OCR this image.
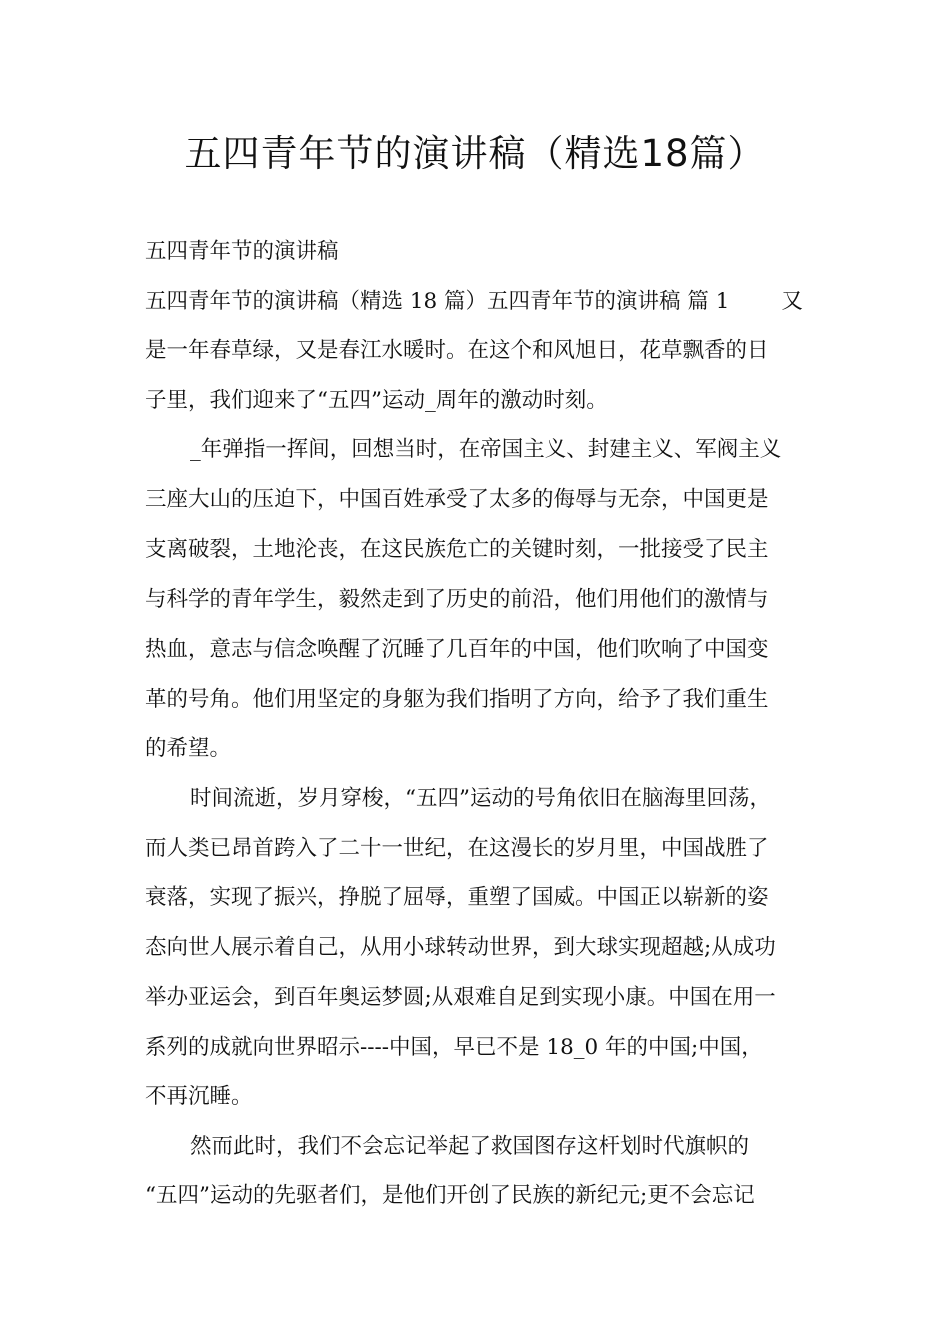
五四青年节的演讲稿（精选18篇）

五四青年节的演讲稿

五四青年节的演讲稿（精选 18 篇）五四青年节的演讲稿 篇 1 又

是一年春草绿，又是春江水暖时。在这个和风旭日，花草飘香的日

子里，我们迎来了“五四”运动_周年的激动时刻。

_年弹指一挥间，回想当时，在帝国主义、封建主义、军阀主义

三座大山的压迫下，中国百姓承受了太多的侮辱与无奈，中国更是

支离破裂，土地沦丧，在这民族危亡的关键时刻，一批接受了民主

与科学的青年学生，毅然走到了历史的前沿，他们用他们的激情与

热血，意志与信念唤醒了沉睡了几百年的中国，他们吹响了中国变

革的号角。他们用坚定的身躯为我们指明了方向，给予了我们重生

的希望。

时间流逝，岁月穿梭，“五四”运动的号角依旧在脑海里回荡，

而人类已昂首跨入了二十一世纪，在这漫长的岁月里，中国战胜了

衰落，实现了振兴，挣脱了屈辱，重塑了国威。中国正以崭新的姿

态向世人展示着自己，从用小球转动世界，到大球实现超越;从成功

举办亚运会，到百年奥运梦圆;从艰难自足到实现小康。中国在用一

系列的成就向世界昭示----中国，早已不是 18_0 年的中国;中国，

不再沉睡。

然而此时，我们不会忘记举起了救国图存这杆划时代旗帜的

“五四”运动的先驱者们，是他们开创了民族的新纪元;更不会忘记
